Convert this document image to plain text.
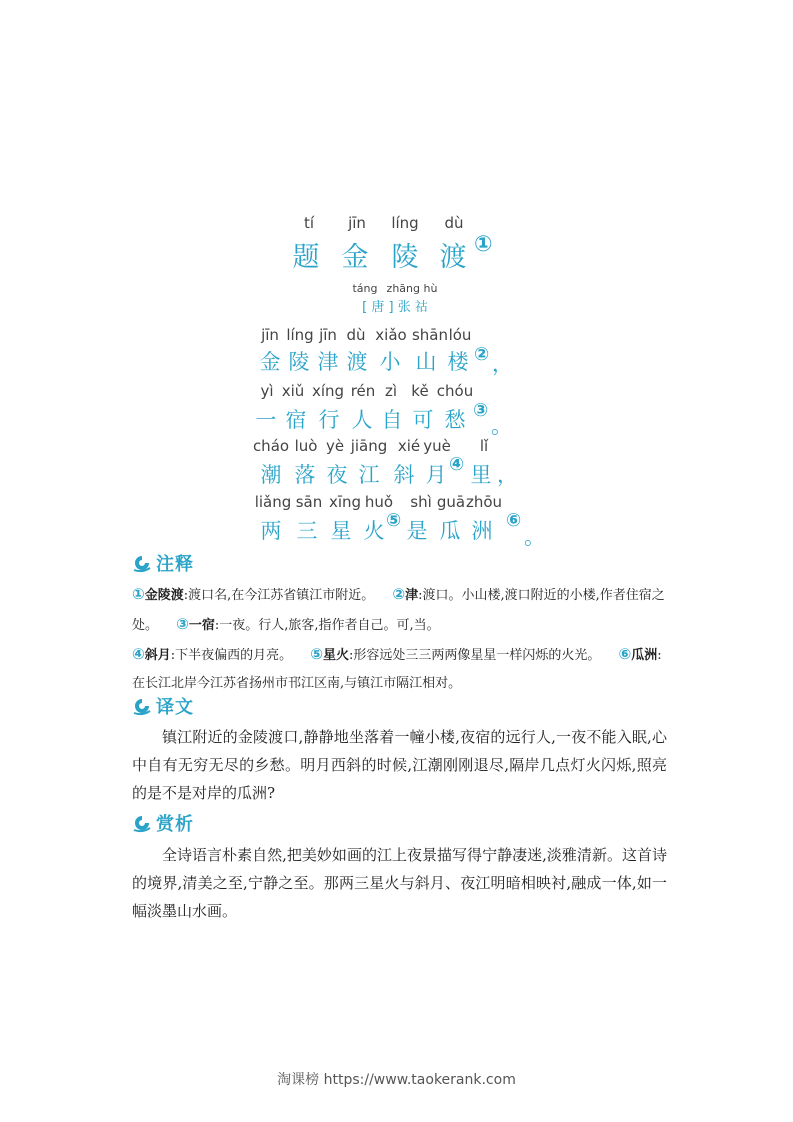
tí jīn líng dù
题 金 陵 渡 ①
táng zhāng hù
[ 唐 ] 张 祜
jīn líng jīn dù xiǎo shān lóu
金 陵 津 渡 小 山 楼 ② ，
yì xiǔ xíng rén zì kě chóu
一 宿 行 人 自 可 愁 ③
。
cháo luò yè jiāng xié yuè lǐ
潮 落 夜 江 斜 月 ④ 里 ，
liǎng sān xīng huǒ shì guā zhōu
两 三 星 火 ⑤ 是 瓜 洲 ⑥
。
注释
①金陵渡:渡口名,在今江苏省镇江市附近。 ②津:渡口。小山楼,渡口附近的小楼,作者住宿之处。 ③一宿:一夜。行人,旅客,指作者自己。可,当。
④斜月:下半夜偏西的月亮。 ⑤星火:形容远处三三两两像星星一样闪烁的火光。 ⑥瓜洲:在长江北岸今江苏省扬州市邗江区南,与镇江市隔江相对。
译文
镇江附近的金陵渡口,静静地坐落着一幢小楼,夜宿的远行人,一夜不能入眠,心中自有无穷无尽的乡愁。明月西斜的时候,江潮刚刚退尽,隔岸几点灯火闪烁,照亮的是不是对岸的瓜洲?
赏析
全诗语言朴素自然,把美妙如画的江上夜景描写得宁静凄迷,淡雅清新。这首诗的境界,清美之至,宁静之至。那两三星火与斜月、夜江明暗相映衬,融成一体,如一幅淡墨山水画。
淘课榜 https://www.taokerank.com
